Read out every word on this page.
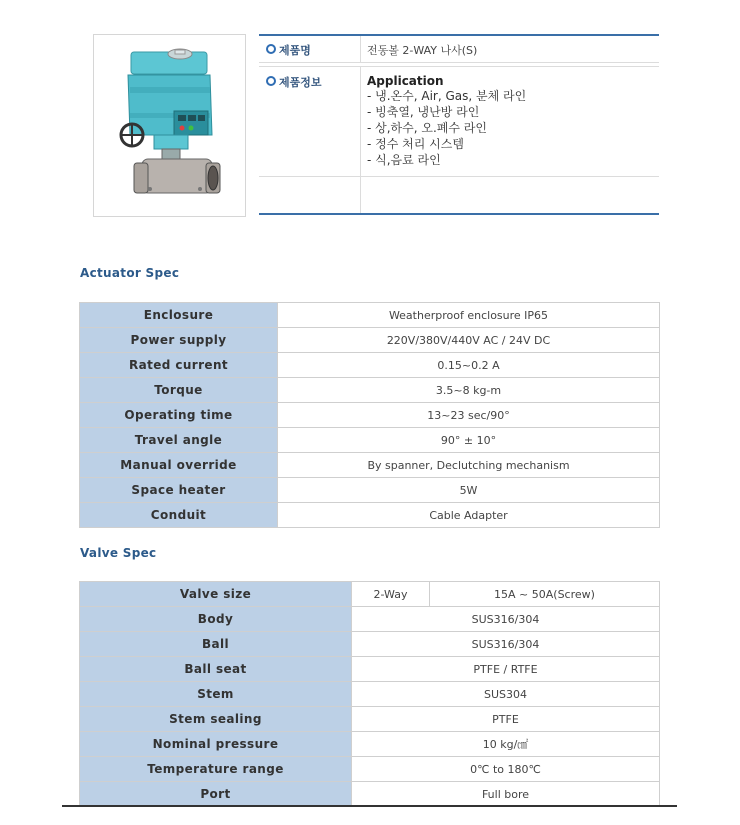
제품명	전동볼 2-WAY 나사(S)
제품정보	Application
- 냉.온수, Air, Gas, 분체 라인
- 빙축열, 냉난방 라인
- 상,하수, 오.폐수 라인
- 정수 처리 시스템
- 식,음료 라인
Actuator Spec
Enclosure	Weatherproof enclosure IP65
Power supply	220V/380V/440V AC / 24V DC
Rated current	0.15~0.2 A
Torque	3.5~8 kg-m
Operating time	13~23 sec/90°
Travel angle	90° ± 10°
Manual override	By spanner, Declutching mechanism
Space heater	5W
Conduit	Cable Adapter
Valve Spec
Valve size	2-Way	15A ~ 50A(Screw)
Body	SUS316/304	
Ball	SUS316/304	
Ball seat	PTFE / RTFE	
Stem	SUS304	
Stem sealing	PTFE	
Nominal pressure	10 kg/㎠	
Temperature range	0℃ to 180℃	
Port	Full bore	
